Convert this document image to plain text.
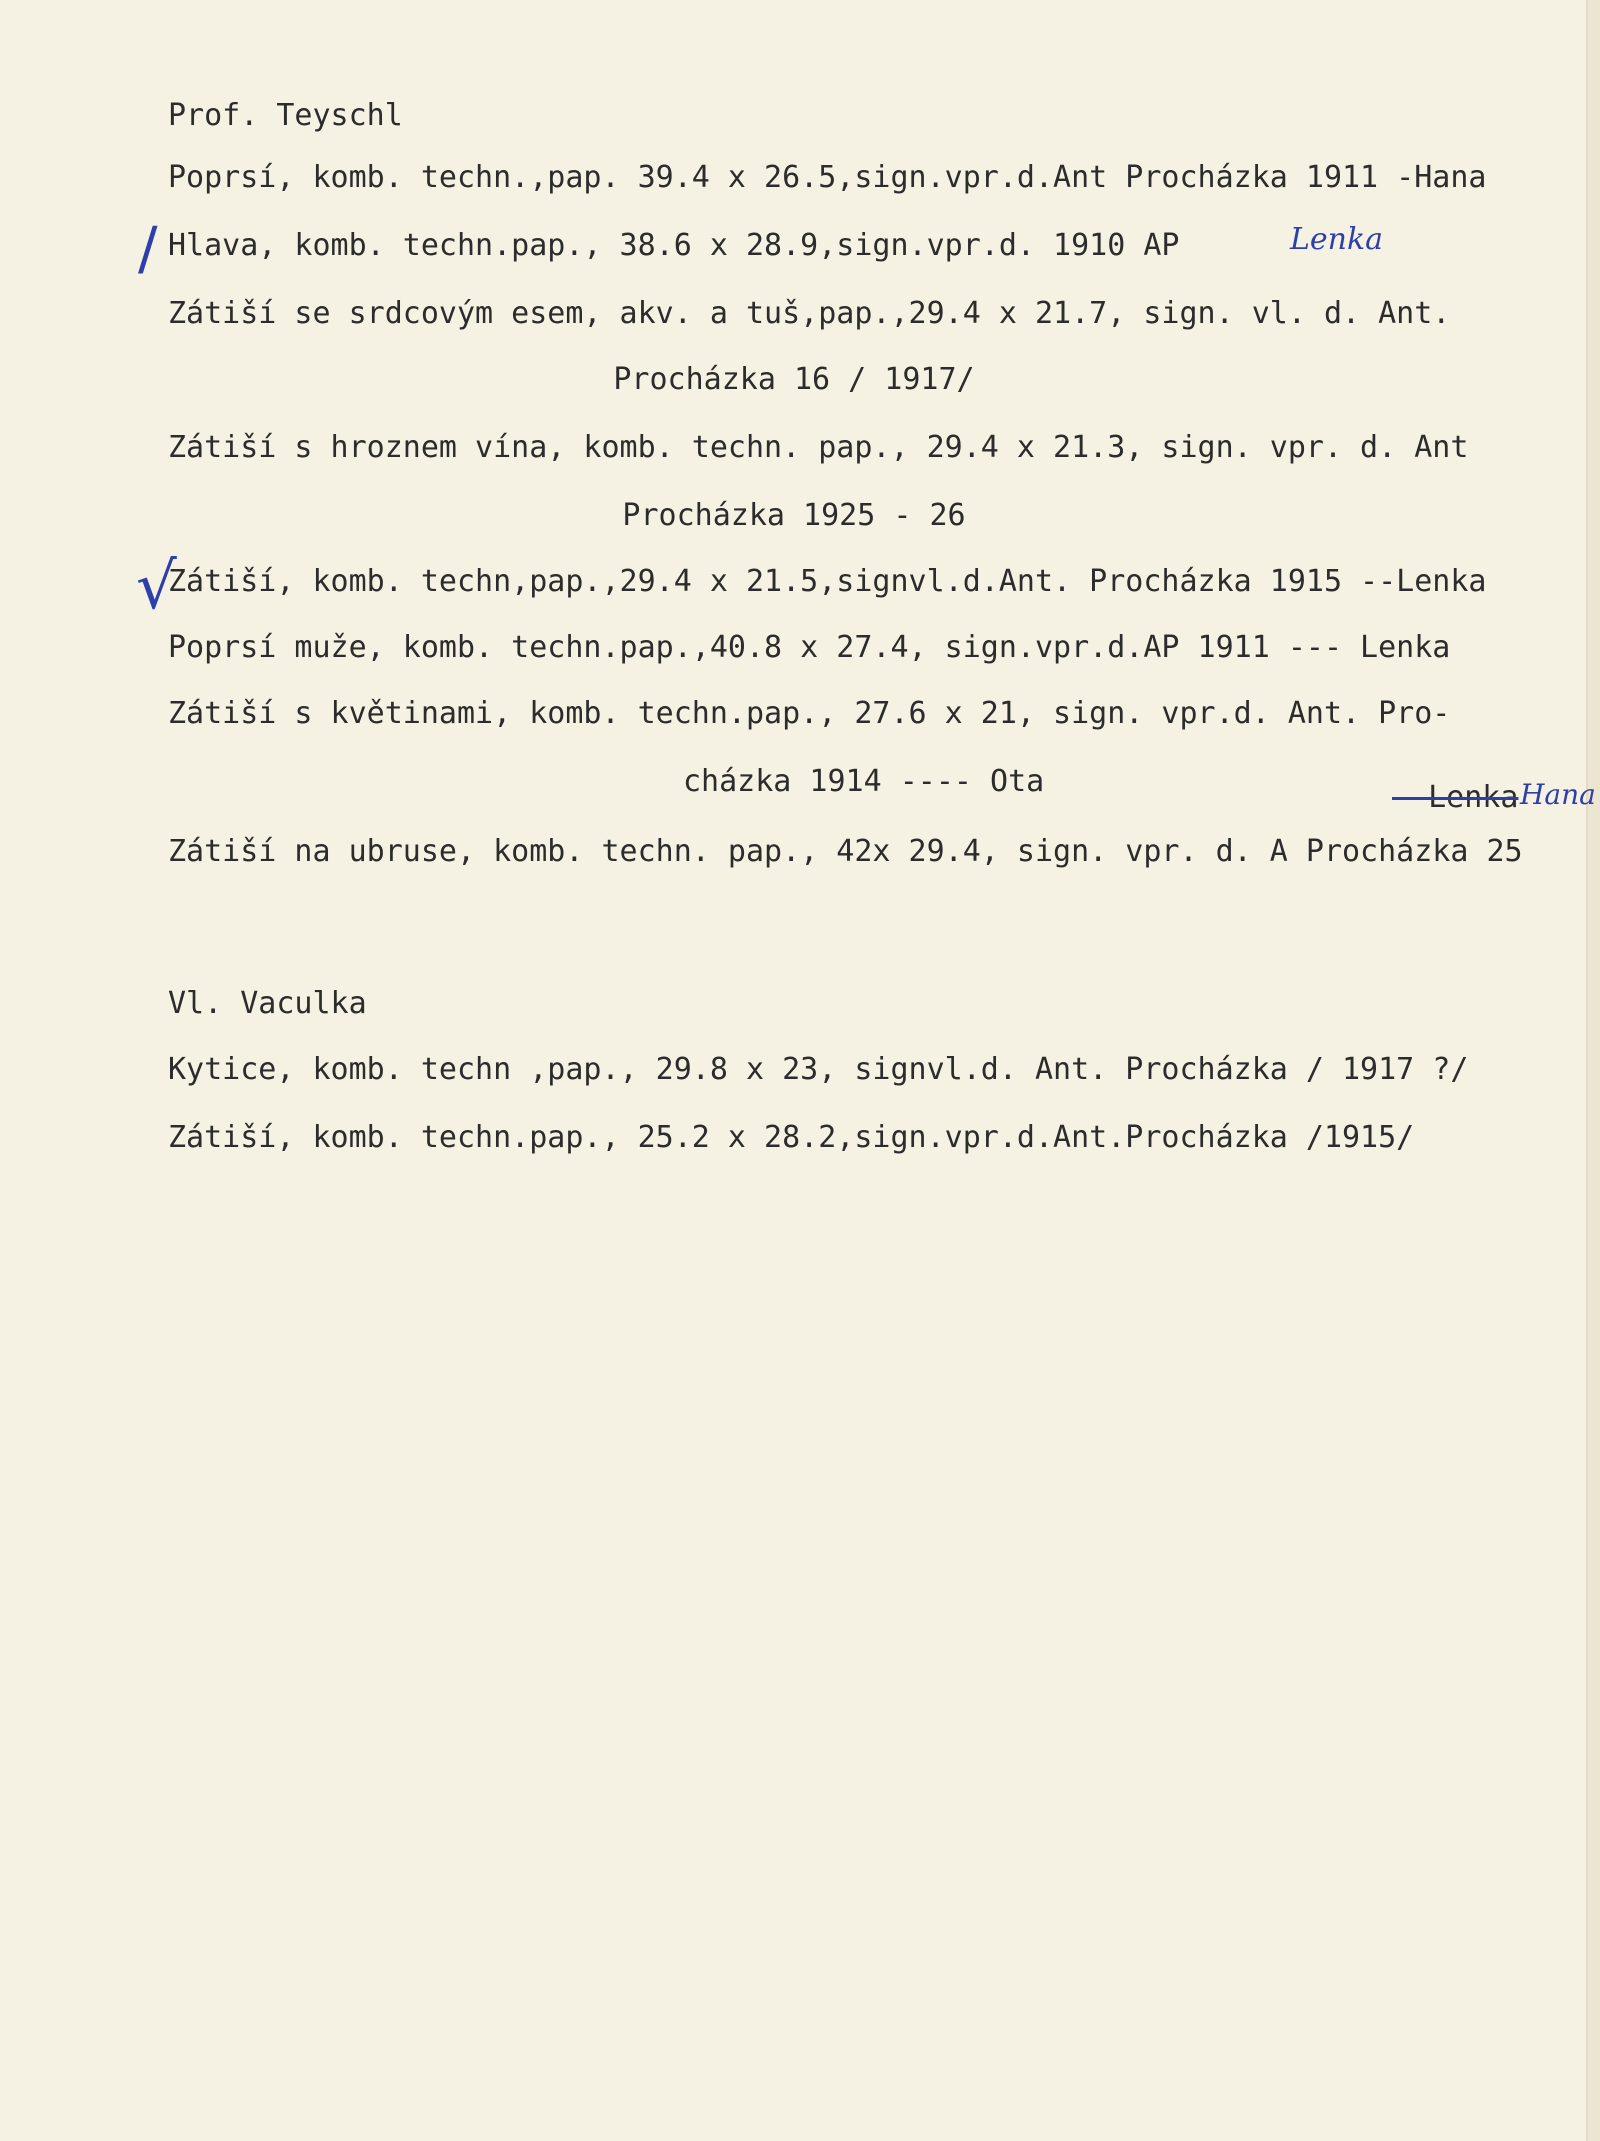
Prof. Teyschl
Poprsí, komb. techn.,pap. 39.4 x 26.5,sign.vpr.d.Ant Procházka 1911 -Hana
/ Hlava, komb. techn.pap., 38.6 x 28.9,sign.vpr.d. 1910 AP	Lenka
Zátiší se srdcovým esem, akv. a tuš,pap.,29.4 x 21.7, sign. vl. d. Ant.
Procházka 16 / 1917/
Zátiší s hroznem vína, komb. techn. pap., 29.4 x 21.3, sign. vpr. d. Ant
Procházka 1925 - 26
√
Zátiší, komb. techn,pap.,29.4 x 21.5,signvl.d.Ant. Procházka 1915 --Lenka
Poprsí muže, komb. techn.pap.,40.8 x 27.4, sign.vpr.d.AP 1911 --- Lenka
Zátiší s květinami, komb. techn.pap., 27.6 x 21, sign. vpr.d. Ant. Pro-
cházka 1914 ---- Ota	--Lenka Hana
Zátiší na ubruse, komb. techn. pap., 42x 29.4, sign. vpr. d. A Procházka 25
Vl. Vaculka
Kytice, komb. techn ,pap., 29.8 x 23, signvl.d. Ant. Procházka / 1917 ?/
Zátiší, komb. techn.pap., 25.2 x 28.2,sign.vpr.d.Ant.Procházka /1915/
